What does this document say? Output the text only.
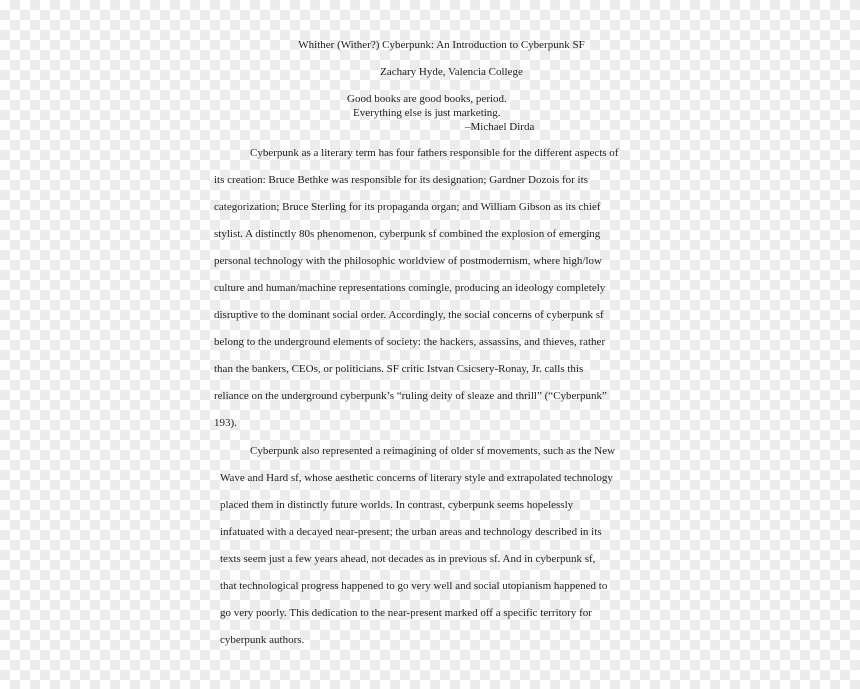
Whither (Wither?) Cyberpunk: An Introduction to Cyberpunk SF
Zachary Hyde, Valencia College
Good books are good books, period.
Everything else is just marketing.
–Michael Dirda
Cyberpunk as a literary term has four fathers responsible for the different aspects of
its creation: Bruce Bethke was responsible for its designation; Gardner Dozois for its
categorization; Bruce Sterling for its propaganda organ; and William Gibson as its chief
stylist. A distinctly 80s phenomenon, cyberpunk sf combined the explosion of emerging
personal technology with the philosophic worldview of postmodernism, where high/low
culture and human/machine representations comingle, producing an ideology completely
disruptive to the dominant social order. Accordingly, the social concerns of cyberpunk sf
belong to the underground elements of society: the hackers, assassins, and thieves, rather
than the bankers, CEOs, or politicians. SF critic Istvan Csicsery-Ronay, Jr. calls this
reliance on the underground cyberpunk’s “ruling deity of sleaze and thrill” (“Cyberpunk”
193).
Cyberpunk also represented a reimagining of older sf movements, such as the New
Wave and Hard sf, whose aesthetic concerns of literary style and extrapolated technology
placed them in distinctly future worlds. In contrast, cyberpunk seems hopelessly
infatuated with a decayed near-present; the urban areas and technology described in its
texts seem just a few years ahead, not decades as in previous sf. And in cyberpunk sf,
that technological progress happened to go very well and social utopianism happened to
go very poorly. This dedication to the near-present marked off a specific territory for
cyberpunk authors.
